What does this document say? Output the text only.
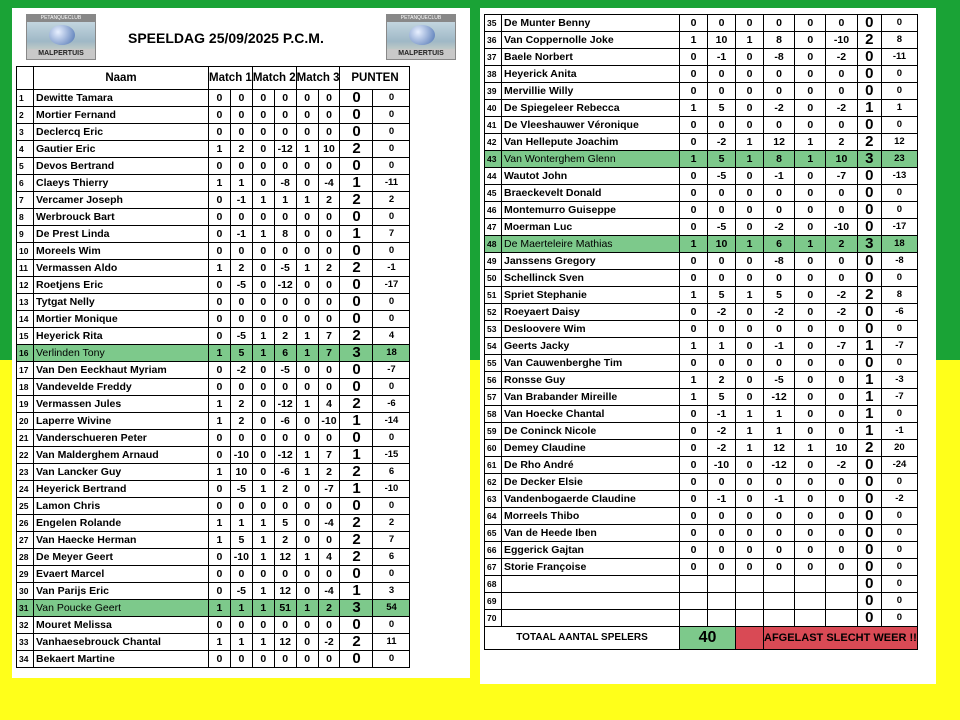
PETANQUECLUB
MALPERTUIS
SPEELDAG 25/09/2025 P.C.M.
PETANQUECLUB
MALPERTUIS
	Naam	Match 1		Match 2		Match 3		PUNTEN	
1	Dewitte Tamara	0	0	0	0	0	0	0	0
2	Mortier Fernand	0	0	0	0	0	0	0	0
3	Declercq Eric	0	0	0	0	0	0	0	0
4	Gautier Eric	1	2	0	-12	1	10	2	0
5	Devos Bertrand	0	0	0	0	0	0	0	0
6	Claeys Thierry	1	1	0	-8	0	-4	1	-11
7	Vercamer Joseph	0	-1	1	1	1	2	2	2
8	Werbrouck Bart	0	0	0	0	0	0	0	0
9	De Prest Linda	0	-1	1	8	0	0	1	7
10	Moreels Wim	0	0	0	0	0	0	0	0
11	Vermassen Aldo	1	2	0	-5	1	2	2	-1
12	Roetjens Eric	0	-5	0	-12	0	0	0	-17
13	Tytgat Nelly	0	0	0	0	0	0	0	0
14	Mortier Monique	0	0	0	0	0	0	0	0
15	Heyerick Rita	0	-5	1	2	1	7	2	4
16	Verlinden Tony	1	5	1	6	1	7	3	18
17	Van Den Eeckhaut Myriam	0	-2	0	-5	0	0	0	-7
18	Vandevelde Freddy	0	0	0	0	0	0	0	0
19	Vermassen Jules	1	2	0	-12	1	4	2	-6
20	Laperre Wivine	1	2	0	-6	0	-10	1	-14
21	Vanderschueren Peter	0	0	0	0	0	0	0	0
22	Van Malderghem Arnaud	0	-10	0	-12	1	7	1	-15
23	Van Lancker Guy	1	10	0	-6	1	2	2	6
24	Heyerick Bertrand	0	-5	1	2	0	-7	1	-10
25	Lamon Chris	0	0	0	0	0	0	0	0
26	Engelen Rolande	1	1	1	5	0	-4	2	2
27	Van Haecke Herman	1	5	1	2	0	0	2	7
28	De Meyer Geert	0	-10	1	12	1	4	2	6
29	Evaert Marcel	0	0	0	0	0	0	0	0
30	Van Parijs Eric	0	-5	1	12	0	-4	1	3
31	Van Poucke Geert	1	1	1	51	1	2	3	54
32	Mouret Melissa	0	0	0	0	0	0	0	0
33	Vanhaesebrouck Chantal	1	1	1	12	0	-2	2	11
34	Bekaert Martine	0	0	0	0	0	0	0	0
35	De Munter Benny	0	0	0	0	0	0	0	0
36	Van Coppernolle Joke	1	10	1	8	0	-10	2	8
37	Baele Norbert	0	-1	0	-8	0	-2	0	-11
38	Heyerick Anita	0	0	0	0	0	0	0	0
39	Mervillie Willy	0	0	0	0	0	0	0	0
40	De Spiegeleer Rebecca	1	5	0	-2	0	-2	1	1
41	De Vleeshauwer Véronique	0	0	0	0	0	0	0	0
42	Van Hellepute Joachim	0	-2	1	12	1	2	2	12
43	Van Wonterghem Glenn	1	5	1	8	1	10	3	23
44	Wautot John	0	-5	0	-1	0	-7	0	-13
45	Braeckevelt Donald	0	0	0	0	0	0	0	0
46	Montemurro Guiseppe	0	0	0	0	0	0	0	0
47	Moerman Luc	0	-5	0	-2	0	-10	0	-17
48	De Maerteleire Mathias	1	10	1	6	1	2	3	18
49	Janssens Gregory	0	0	0	-8	0	0	0	-8
50	Schellinck Sven	0	0	0	0	0	0	0	0
51	Spriet Stephanie	1	5	1	5	0	-2	2	8
52	Roeyaert Daisy	0	-2	0	-2	0	-2	0	-6
53	Desloovere Wim	0	0	0	0	0	0	0	0
54	Geerts Jacky	1	1	0	-1	0	-7	1	-7
55	Van Cauwenberghe Tim	0	0	0	0	0	0	0	0
56	Ronsse Guy	1	2	0	-5	0	0	1	-3
57	Van Brabander Mireille	1	5	0	-12	0	0	1	-7
58	Van Hoecke Chantal	0	-1	1	1	0	0	1	0
59	De Coninck Nicole	0	-2	1	1	0	0	1	-1
60	Demey Claudine	0	-2	1	12	1	10	2	20
61	De Rho André	0	-10	0	-12	0	-2	0	-24
62	De Decker Elsie	0	0	0	0	0	0	0	0
63	Vandenbogaerde Claudine	0	-1	0	-1	0	0	0	-2
64	Morreels Thibo	0	0	0	0	0	0	0	0
65	Van de Heede Iben	0	0	0	0	0	0	0	0
66	Eggerick Gajtan	0	0	0	0	0	0	0	0
67	Storie Françoise	0	0	0	0	0	0	0	0
68								0	0
69								0	0
70								0	0
TOTAAL AANTAL SPELERS		40			AFGELAST SLECHT WEER !!				
